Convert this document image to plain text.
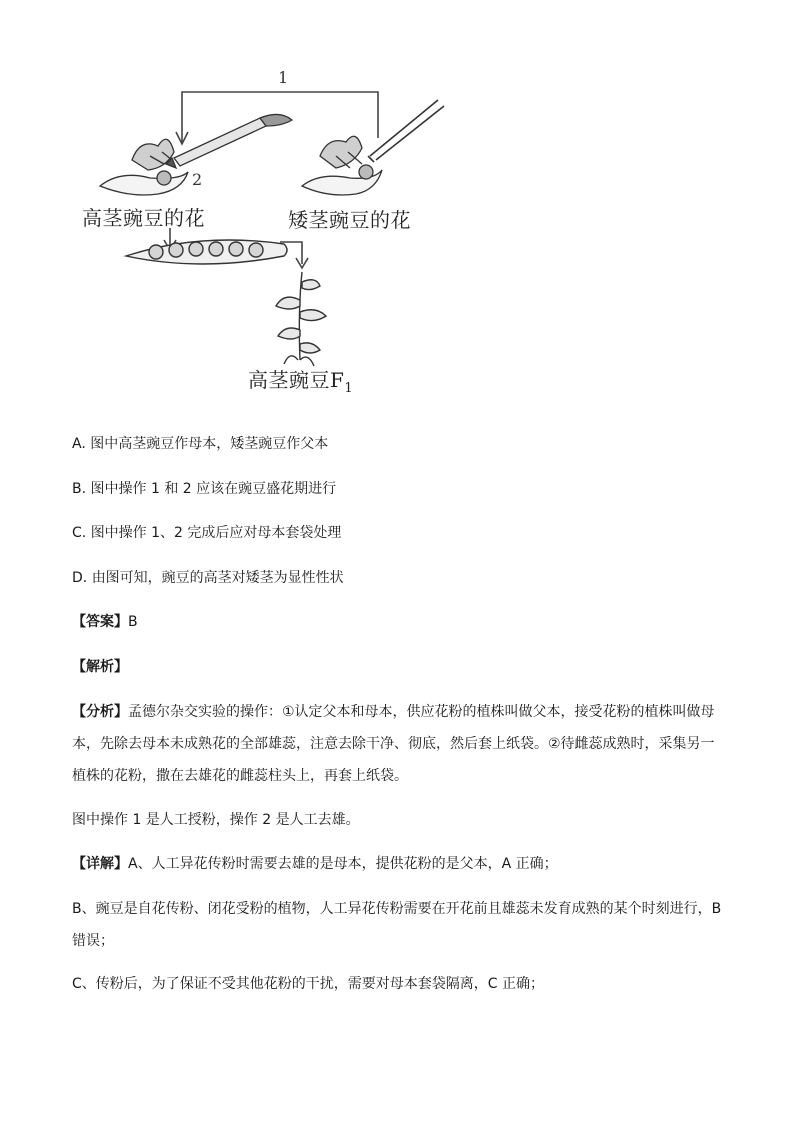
1
2
高茎豌豆的花	矮茎豌豆的花
高茎豌豆$F_1$
A. 图中高茎豌豆作母本，矮茎豌豆作父本
B. 图中操作 1 和 2 应该在豌豆盛花期进行
C. 图中操作 1、2 完成后应对母本套袋处理
D. 由图可知，豌豆的高茎对矮茎为显性性状
【答案】B
【解析】
【分析】孟德尔杂交实验的操作：①认定父本和母本，供应花粉的植株叫做父本，接受花粉的植株叫做母
本，先除去母本未成熟花的全部雄蕊，注意去除干净、彻底，然后套上纸袋。②待雌蕊成熟时，采集另一
植株的花粉，撒在去雄花的雌蕊柱头上，再套上纸袋。
图中操作 1 是人工授粉，操作 2 是人工去雄。
【详解】A、人工异花传粉时需要去雄的是母本，提供花粉的是父本，A 正确；
B、豌豆是自花传粉、闭花受粉的植物，人工异花传粉需要在开花前且雄蕊未发育成熟的某个时刻进行，B
错误；
C、传粉后，为了保证不受其他花粉的干扰，需要对母本套袋隔离，C 正确；
